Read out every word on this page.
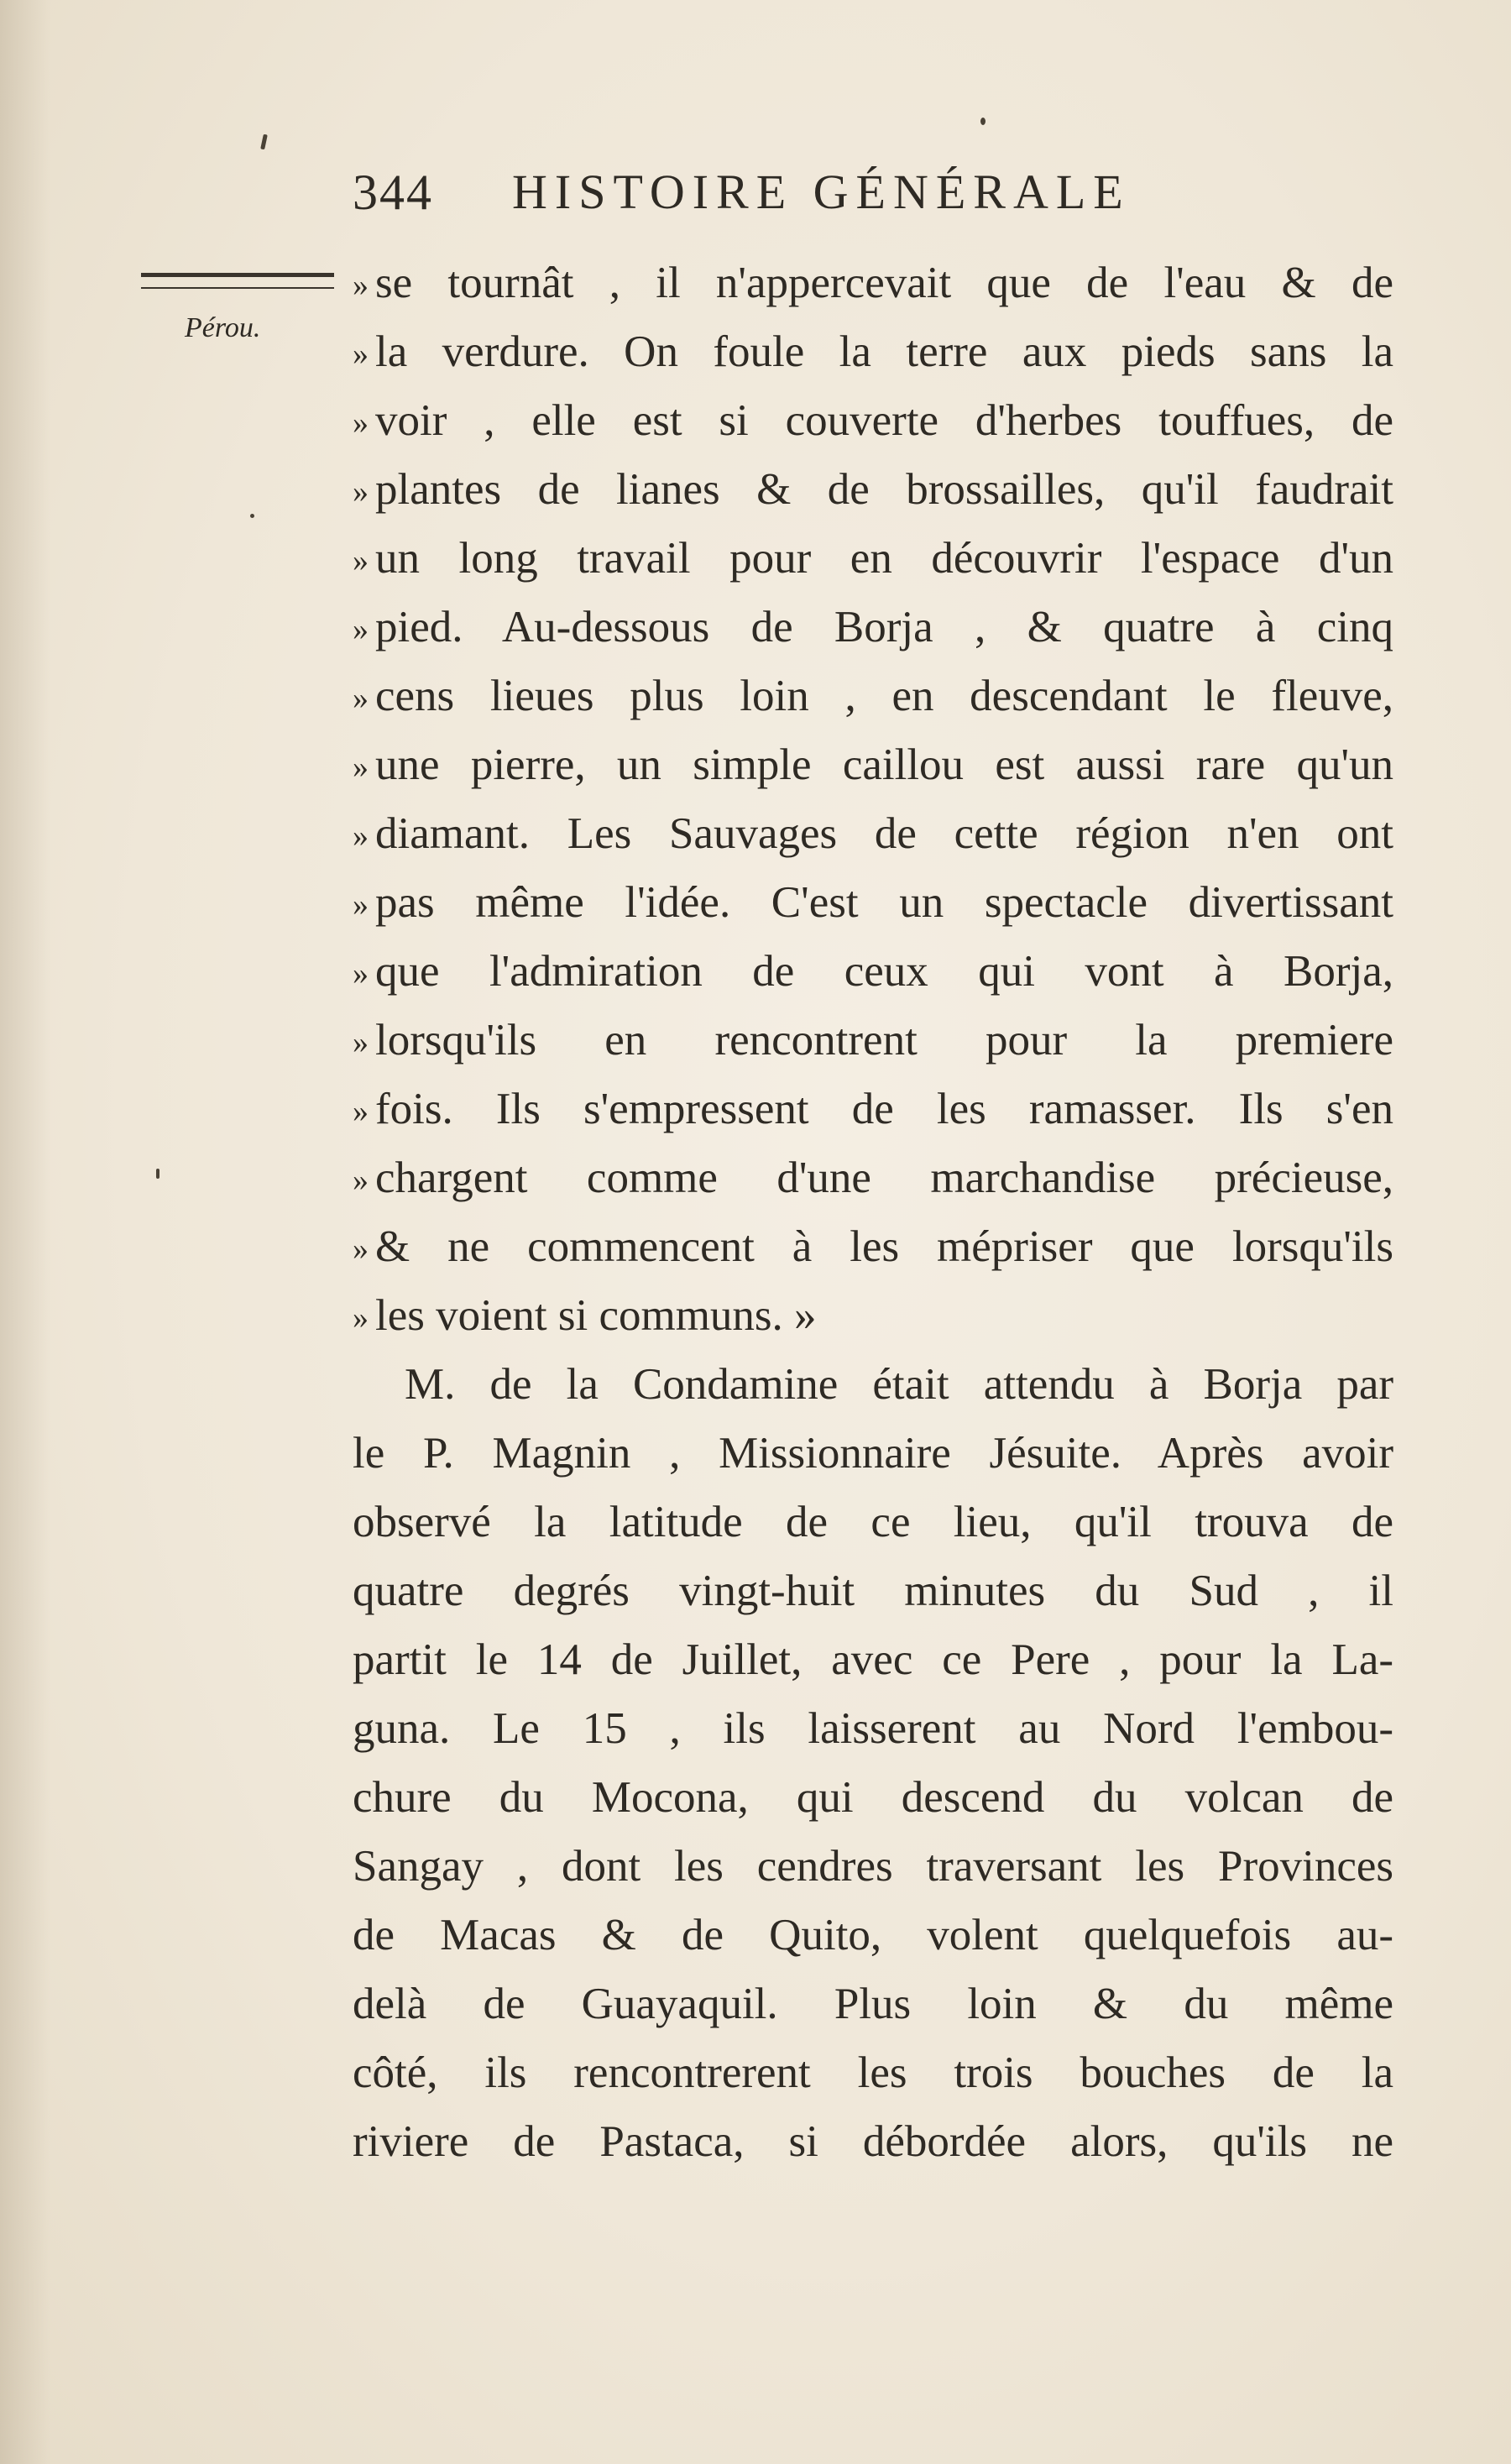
344 HISTOIRE GÉNÉRALE
Pérou.
» se tournât , il n'appercevait que de l'eau & de
» la verdure. On foule la terre aux pieds sans la
» voir , elle est si couverte d'herbes touffues, de
» plantes de lianes & de brossailles, qu'il faudrait
» un long travail pour en découvrir l'espace d'un
» pied. Au-dessous de Borja , & quatre à cinq
» cens lieues plus loin , en descendant le fleuve,
» une pierre, un simple caillou est aussi rare qu'un
» diamant. Les Sauvages de cette région n'en ont
» pas même l'idée. C'est un spectacle divertissant
» que l'admiration de ceux qui vont à Borja,
» lorsqu'ils en rencontrent pour la premiere
» fois. Ils s'empressent de les ramasser. Ils s'en
» chargent comme d'une marchandise précieuse,
» & ne commencent à les mépriser que lorsqu'ils
» les voient si communs. »
M. de la Condamine était attendu à Borja par
le P. Magnin , Missionnaire Jésuite. Après avoir
observé la latitude de ce lieu, qu'il trouva de
quatre degrés vingt-huit minutes du Sud , il
partit le 14 de Juillet, avec ce Pere , pour la La-
guna. Le 15 , ils laisserent au Nord l'embou-
chure du Mocona, qui descend du volcan de
Sangay , dont les cendres traversant les Provinces
de Macas & de Quito, volent quelquefois au-
delà de Guayaquil. Plus loin & du même
côté, ils rencontrerent les trois bouches de la
riviere de Pastaca, si débordée alors, qu'ils ne
